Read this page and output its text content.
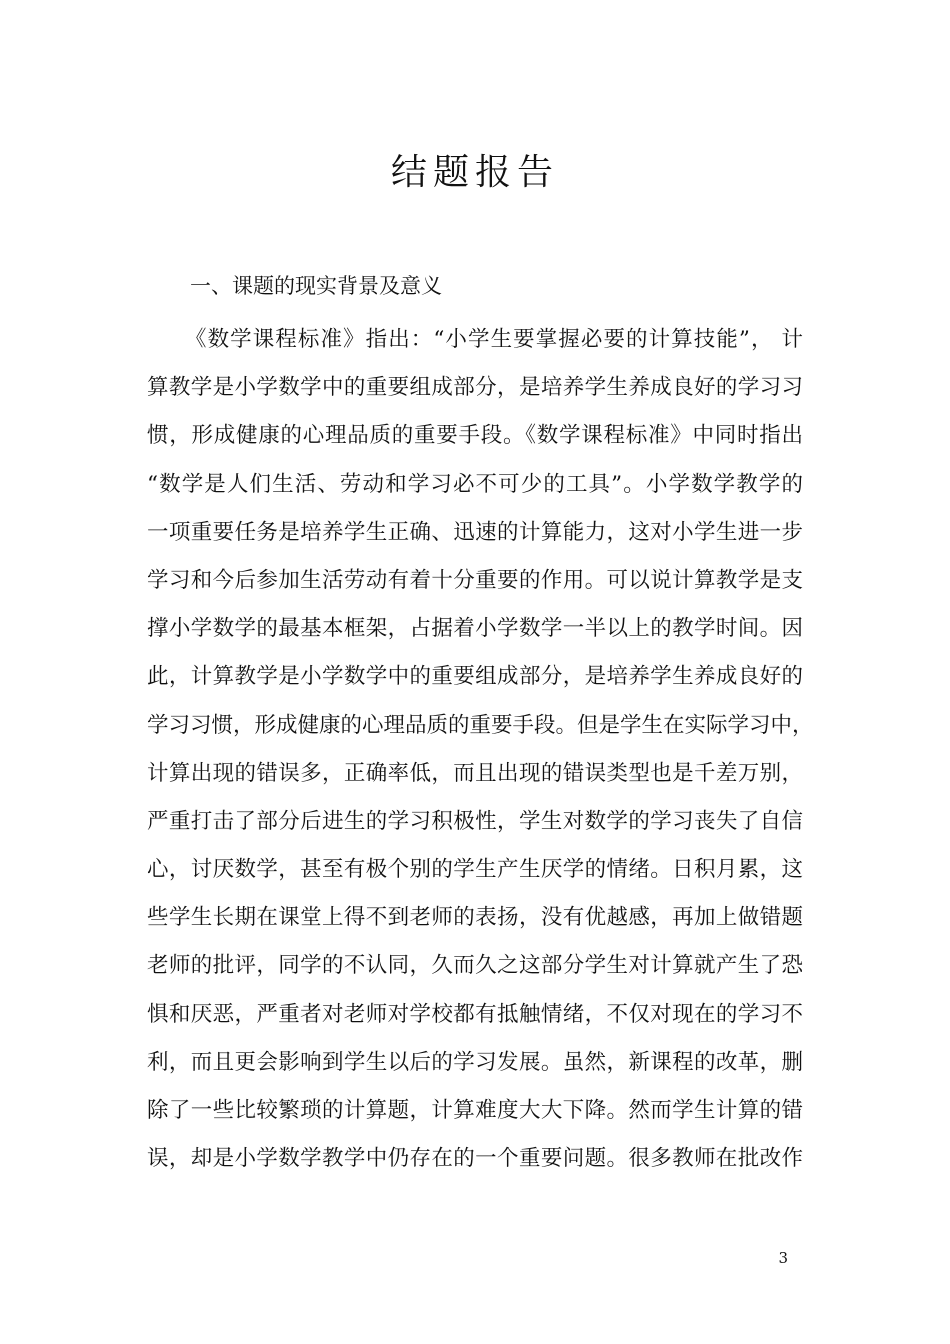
结题报告

一、课题的现实背景及意义

《数学课程标准》指出：“小学生要掌握必要的计算技能”， 计
算教学是小学数学中的重要组成部分，是培养学生养成良好的学习习
惯，形成健康的心理品质的重要手段。《数学课程标准》中同时指出
“数学是人们生活、劳动和学习必不可少的工具”。小学数学教学的
一项重要任务是培养学生正确、迅速的计算能力，这对小学生进一步
学习和今后参加生活劳动有着十分重要的作用。可以说计算教学是支
撑小学数学的最基本框架，占据着小学数学一半以上的教学时间。因
此，计算教学是小学数学中的重要组成部分，是培养学生养成良好的
学习习惯，形成健康的心理品质的重要手段。但是学生在实际学习中，
计算出现的错误多，正确率低，而且出现的错误类型也是千差万别，
严重打击了部分后进生的学习积极性，学生对数学的学习丧失了自信
心，讨厌数学，甚至有极个别的学生产生厌学的情绪。日积月累，这
些学生长期在课堂上得不到老师的表扬，没有优越感，再加上做错题
老师的批评，同学的不认同，久而久之这部分学生对计算就产生了恐
惧和厌恶，严重者对老师对学校都有抵触情绪，不仅对现在的学习不
利，而且更会影响到学生以后的学习发展。虽然，新课程的改革，删
除了一些比较繁琐的计算题，计算难度大大下降。然而学生计算的错
误，却是小学数学教学中仍存在的一个重要问题。很多教师在批改作
3
